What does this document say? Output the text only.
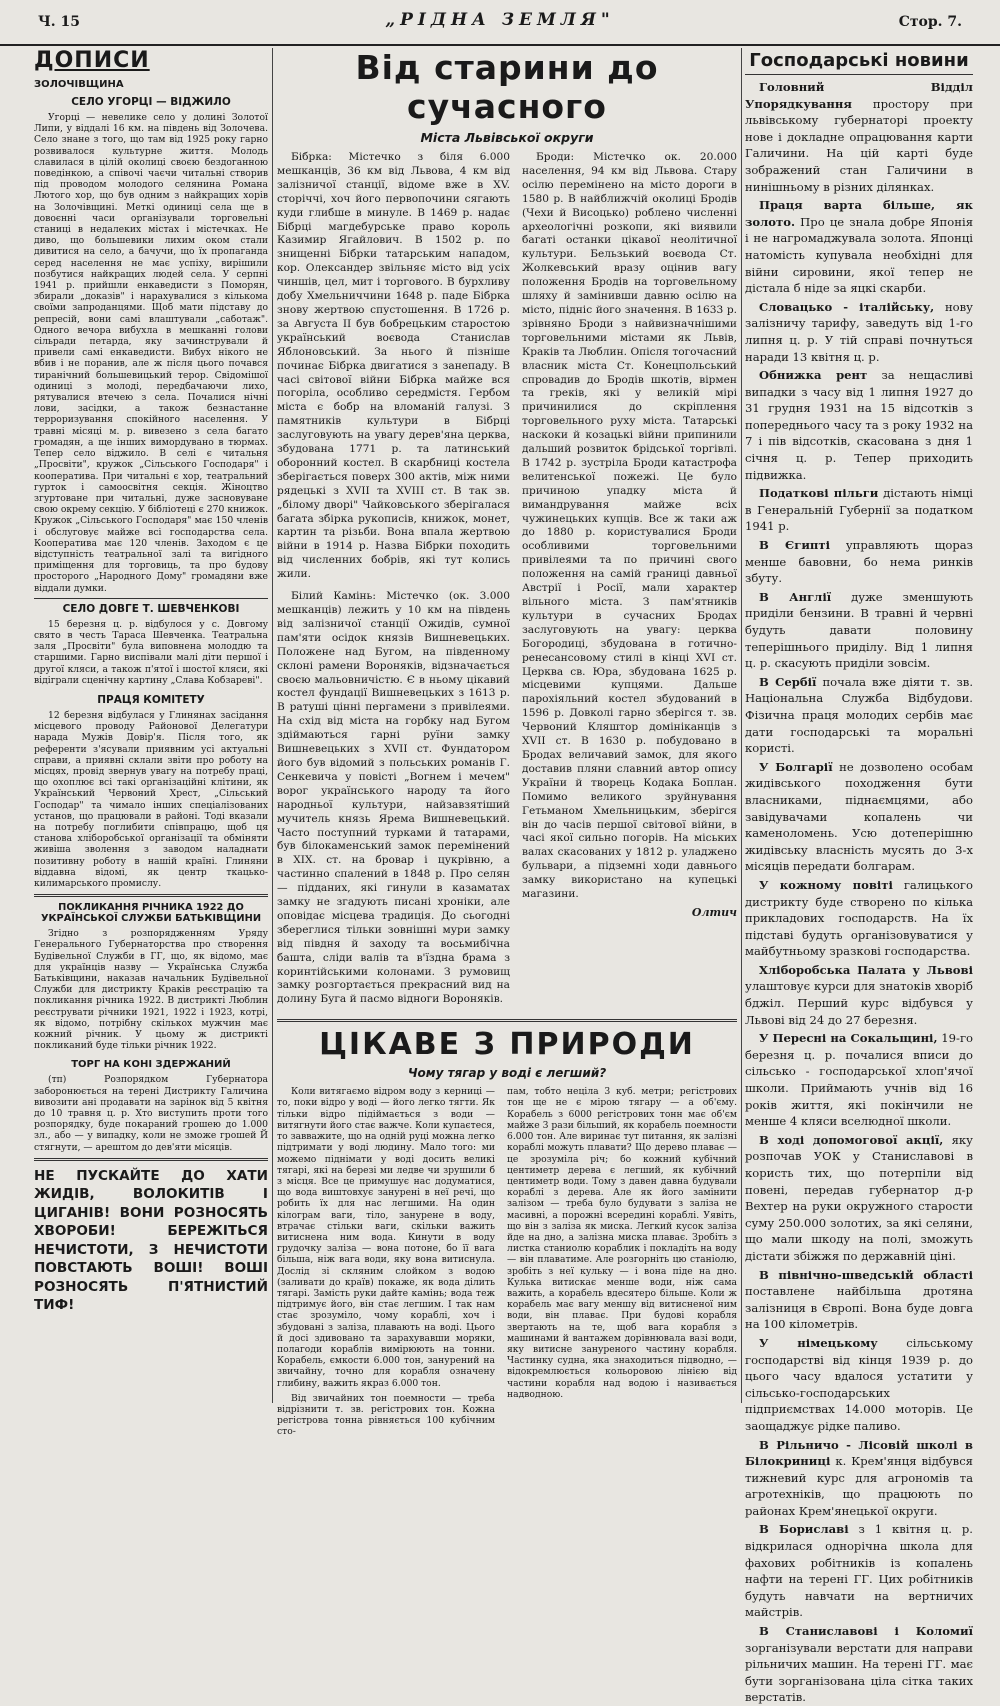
Ч. 15	„РІДНА ЗЕМЛЯ"	Стор. 7.
ДОПИСИ
ЗОЛОЧІВЩИНА
СЕЛО УГОРЦІ — ВІДЖИЛО

Угорці — невелике село у долині Золотої Липи, у віддалі 16 км. на південь від Золочева. Село знане з того, що там від 1925 року гарно розвивалося культурне життя. Молодь славилася в цілій околиці своєю бездоганною поведінкою, а співочі чаєчи читальні створив під проводом молодого селянина Романа Лютого хор, що був одним з найкращих хорів на Золочівщині. Меткі одиниці села ще в довоєнні часи організували торговельні станиці в недалеких містах і містечках. Не диво, що большевики лихим оком стали дивитися на село, а бачучи, що їх пропаганда серед населення не має успіху, вирішили позбутися найкращих людей села. У серпні 1941 р. прийшли енкаведисти з Поморян, збирали „доказів" і нарахувалися з кількома своїми запроданцями. Щоб мати підставу до репресій, вони самі влаштували „саботаж". Одного вечора вибухла в мешканні голови сільради петарда, яку зачинстрували й привели самі енкаведисти. Вибух нікого не вбив і не поранив, але ж після цього почався тиранічний большевицький терор. Свідомішої одиниці з молоді, передбачаючи лихо, рятувалися втечею з села. Почалися нічні лови, засідки, а також безнастанне терроризування спокійного населення. У травні місяці м. р. вивезено з села багато громадян, а ще інших вимордувано в тюрмах. Тепер село віджило. В селі є читальня „Просвіти", кружок „Сільського Господаря" і кооператива. При читальні є хор, театральний гурток і самоосвітня секція. Жіноцтво згуртоване при читальні, дуже засновуване свою окрему секцію. У бібліотеці є 270 книжок. Кружок „Сільського Господаря" має 150 членів і обслуговує майже всі господарства села. Кооператива має 120 членів. Заходом є це відступність театральної залі та вигідного приміщення для торговиць, та про будову просторого „Народного Дому" громадяни вже віддали думки.

СЕЛО ДОВГЕ Т. ШЕВЧЕНКОВІ

15 березня ц. р. відбулося у с. Довгому свято в честь Тараса Шевченка. Театральна заля „Просвіти" була виповнена молоддю та старшими. Гарно виспівали малі діти першої і другої кляси, а також п'ятої і шостої кляси, які відіграли сценічну картину „Слава Кобзареві".

ПРАЦЯ КОМІТЕТУ

12 березня відбулася у Глинянах засідання місцевого проводу Районової Делегатури нарада Мужів Довір'я. Після того, як референти з'ясували приявним усі актуальні справи, а приявні склали звіти про роботу на місцях, провід звернув увагу на потребу праці, що охоплює всі такі організаційні клітини, як Український Червоний Хрест, „Сільський Господар" та чимало інших спеціалізованих установ, що працювали в районі. Тоді вказали на потребу поглибити співпрацю, щоб ця станова хліборобської організації та обміняти живіша зволення з заводом наладнати позитивну роботу в нашій країні. Глиняни віддавна відомі, як центр ткацько-килимарського промислу.

ПОКЛИКАННЯ РІЧНИКА 1922 ДО УКРАЇНСЬКОЇ СЛУЖБИ БАТЬКІВЩИНИ

Згідно з розпорядженням Уряду Генерального Губернаторства про створення Будівельної Служби в ГГ, що, як відомо, має для українців назву — Українська Служба Батьківщини, наказав начальник Будівельної Служби для дистрикту Краків реєстрацію та покликання річника 1922. В дистрикті Люблин реєструвати річники 1921, 1922 і 1923, котрі, як відомо, потрібну скількох мужчин має кожний річник. У цьому ж дистрикті покликаний буде тільки річник 1922.

ТОРГ НА КОНІ ЗДЕРЖАНИЙ

(тп) Розпорядком Губернатора заборонюється на терені Дистрикту Галичина вивозити ані продавати на зарінок від 5 квітня до 10 травня ц. р. Хто виступить проти того розпорядку, буде покараний грошею до 1.000 зл., або — у випадку, коли не зможе грошей Й стягнути, — арештом до дев'яти місяців.

НЕ ПУСКАЙТЕ ДО ХАТИ ЖИДІВ, ВОЛОКИТІВ І ЦИГАНІВ! ВОНИ РОЗНОСЯТЬ ХВОРОБИ! БЕРЕЖІТЬСЯ НЕЧИСТОТИ, З НЕЧИСТОТИ ПОВСТАЮТЬ ВОШІ! ВОШІ РОЗНОСЯТЬ П'ЯТНИСТИЙ ТИФ!
Від старини до сучасного
Міста Львівської округи

Бібрка: Містечко з біля 6.000 мешканців, 36 км від Львова, 4 км від залізничої станції, відоме вже в XV. сторіччі, хоч його первопочини сягають куди глибше в минуле. В 1469 р. надає Бібрці магдебурське право король Казимир Ягайлович. В 1502 р. по знищенні Бібрки татарським нападом, кор. Олександер звільняє місто від усіх чиншів, цел, мит і торгового. В бурхливу добу Хмельниччини 1648 р. паде Бібрка знову жертвою спустошення. В 1726 р. за Августа II був бобрецьким старостою український воєвода Станислав Яблоновський. За нього й пізніше починає Бібрка двигатися з занепаду. В часі світової війни Бібрка майже вся погоріла, особливо середмістя. Гербом міста є бобр на вломаній галузі. З памятників культури в Бібрці заслуговують на увагу дерев'яна церква, збудована 1771 р. та латинський оборонний костел. В скарбниці костела зберігається поверх 300 актів, між ними рядецькі з XVII та XVIII ст. В так зв. „білому дворі" Чайковського зберігалася багата збірка рукописів, книжок, монет, картин та різьби. Вона впала жертвою війни в 1914 р. Назва Бібрки походить від численних бобрів, які тут колись жили.

Білий Камінь: Містечко (ок. 3.000 мешканців) лежить у 10 км на південь від залізничої станції Ожидів, сумної пам'яти осідок князів Вишневецьких. Положене над Бугом, на південному склоні рамени Вороняків, відзначається своєю мальовничістю. Є в ньому цікавий костел фундації Вишневецьких з 1613 р. В ратуші цінні пергамени з привілеями. На схід від міста на горбку над Бугом здіймаються гарні руїни замку Вишневецьких з XVII ст. Фундатором його був відомий з польських романів Г. Сенкевича у повісті „Вогнем і мечем" ворог українського народу та його народньої культури, найзавзятіший мучитель князь Ярема Вишневецький. Часто поступний турками й татарами, був білокаменський замок перемінений в XIX. ст. на бровар і цукрівню, а частинно спалений в 1848 р. Про селян — підданих, які гинули в казаматах замку не згадують писані хроніки, але оповідає місцева традиція. До сьогодні збереглися тільки зовнішні мури замку від півдня й заходу та восьмибічна башта, сліди валів та в'їздна брама з коринтійськими колонами. З румовищ замку розгортається прекрасний вид на долину Буга й пасмо відноги Вороняків.

Броди: Містечко ок. 20.000 населення, 94 км від Львова. Стару осілю перемінено на місто дороги в 1580 р. В найближчій околиці Бродів (Чехи й Висоцько) роблено численні археологічні розкопи, які виявили багаті останки цікавої неолітичної культури. Бельзький воєвода Ст. Жолкевський вразу оцінив вагу положення Бродів на торговельному шляху й замінивши давню осілю на місто, підніс його значення. В 1633 р. зрівняно Броди з найвизначнішими торговельними містами як Львів, Краків та Люблин. Опісля тогочасний власник міста Ст. Конецпольський спровадив до Бродів шкотів, вірмен та греків, які у великій мірі причинилися до скріплення торговельного руху міста. Татарські наскоки й козацькі війни припинили дальший розвиток брідської торгівлі. В 1742 р. зустріла Броди катастрофа велитенської пожежі. Це було причиною упадку міста й вимандрування майже всіх чужинецьких купців. Все ж таки аж до 1880 р. користувалися Броди особливими торговельними привілеями та по причині свого положення на самій границі давньої Австрії і Росії, мали характер вільного міста. З пам'ятників культури в сучасних Бродах заслуговують на увагу: церква Богородиці, збудована в готично-ренесансовому стилі в кінці XVI ст. Церква св. Юра, збудована 1625 р. місцевими купцями. Дальше парохіяльний костел збудований в 1596 р. Довколі гарно зберігся т. зв. Червоний Кляштор домініканців з XVII ст. В 1630 р. побудовано в Бродах величавий замок, для якого доставив пляни славний автор опису України й творець Кодака Боплан. Помимо великого зруйнування Гетьманом Хмельницьким, зберігся він до часів першої світової війни, в часі якої сильно погорів. На міських валах скасованих у 1812 р. уладжено бульвари, а підземні ходи давнього замку використано на купецькі магазини.

Олтич
ЦІКАВЕ З ПРИРОДИ
Чому тягар у воді є легший?

Коли витягаємо відром воду з керниці — то, поки відро у воді — його легко тягти. Як тільки відро підіймається з води — витягнути його стає важче. Коли купаєтеся, то завважите, що на одній руці можна легко підтримати у воді людину. Мало того: ми можемо піднімати у воді досить великі тягарі, які на березі ми ледве чи зрушили б з місця. Все це примушує нас додуматися, що вода виштовхує занурені в неї речі, що робить їх для нас легшими. На один кілограм ваги, тіло, занурене в воду, втрачає стільки ваги, скільки важить витиснена ним вода. Кинути в воду грудочку заліза — вона потоне, бо її вага більша, ніж вага води, яку вона витиснула. Дослід зі скляним слойком з водою (заливати до країв) покаже, як вода ділить тягарі. Замість руки дайте камінь; вода теж підтримує його, він стає легшим. І так нам стає зрозуміло, чому кораблі, хоч і збудовані з заліза, плавають на воді. Цього й досі здивовано та зарахувавши моряки, полагоди кораблів вимірюють на тонни. Корабель, ємкости 6.000 тон, занурений на звичайну, точно для корабля означену глибину, важить якраз 6.000 тон.

Від звичайних тон поемности — треба відрізнити т. зв. регістрових тон. Кожна регістрова тонна рівняється 100 кубічним сто-

пам, тобто неціла 3 куб. метри; регістрових тон ще не є мірою тягару — а об'єму. Корабель з 6000 регістрових тонн має об'єм майже 3 рази більший, як корабель поемности 6.000 тон. Але виринає тут питання, як залізні кораблі можуть плавати? Що дерево плаває — це зрозуміла річ; бо кожний кубічний центиметр дерева є легший, як кубічний центиметр води. Тому з давен давна будували кораблі з дерева. Але як його замінити залізом — треба було будувати з заліза не масивні, а порожні всередині кораблі. Уявіть, що він з заліза як миска. Легкий кусок заліза йде на дно, а залізна миска плаває. Зробіть з листка станиолю кораблик і покладіть на воду — він плаватиме. Але розгорніть цю станіолю, зробіть з неї кульку — і вона піде на дно. Кулька витискає менше води, ніж сама важить, а корабель вдесятеро більше. Коли ж корабель має вагу меншу від витисненої ним води, він плаває. При будові корабля звертають на те, щоб вага корабля з машинами й вантажем дорівнювала вазі води, яку витисне зануреного частину корабля. Частинку судна, яка знаходиться підводно, — відокремлюється кольоровою лінією від частини корабля над водою і називається надводною.

Господарські новини

Головний Відділ Упорядкування простору при львівському губернаторі проекту нове і докладне опрацювання карти Галичини. На цій карті буде зображений стан Галичини в нинішньому в різних ділянках.

Праця варта більше, як золото. Про це знала добре Японія і не нагромаджувала золота. Японці натомість купувала необхідні для війни сировини, якої тепер не дістала б ніде за яцкі скарби.

Словацько - італійську, нову залізничу тарифу, заведуть від 1-го липня ц. р. У тій справі почнуться наради 13 квітня ц. р.

Обнижка рент за нещасливі випадки з часу від 1 липня 1927 до 31 грудня 1931 на 15 відсотків з попереднього часу та з року 1932 на 7 і пів відсотків, скасована з дня 1 січня ц. р. Тепер приходить підвижка.

Податкові пільги дістають німці в Генеральній Губернії за податком 1941 р.

В Єгипті управляють щораз менше бавовни, бо нема ринків збуту.

В Англії дуже зменшують приділи бензини. В травні й червні будуть давати половину теперішнього приділу. Від 1 липня ц. р. скасують приділи зовсім.

В Сербії почала вже діяти т. зв. Національна Служба Відбудови. Фізична праця молодих сербів має дати господарські та моральні користі.

У Болгарії не дозволено особам жидівського походження бути власниками, піднаємцями, або завідувачами копалень чи каменоломень. Усю дотеперішню жидівську власність мусять до 3-х місяців передати болгарам.

У кожному повіті галицького дистрикту буде створено по кілька прикладових господарств. На їх підставі будуть організовуватися у майбутньому зразкові господарства.

Хліборобська Палата у Львові улаштовує курси для знатоків хворіб бджіл. Перший курс відбувся у Львові від 24 до 27 березня.

У Пересні на Сокальщині, 19-го березня ц. р. почалися вписи до сільсько - господарської хлоп'ячої школи. Приймають учнів від 16 років життя, які покінчили не менше 4 кляси вселюдної школи.

В ході допомогової акції, яку розпочав УОК у Станиславові в користь тих, що потерпіли від повені, передав губернатор д-р Вехтер на руки окружного старости суму 250.000 золотих, за які селяни, що мали шкоду на полі, зможуть дістати збіжжя по державній ціні.

В північно-шведській області поставлене найбільша дротяна залізниця в Європі. Вона буде довга на 100 кілометрів.

У німецькому сільському господарстві від кінця 1939 р. до цього часу вдалося устатити у сільсько-господарських підприємствах 14.000 моторів. Це заощаджує рідке паливо.

В Рільничо - Лісовій школі в Білокриниці к. Крем'янця відбувся тижневий курс для агрономів та агротехніків, що працюють по районах Крем'янецької округи.

В Бориславі з 1 квітня ц. р. відкрилася однорічна школа для фахових робітників із копалень нафти на терені ГГ. Цих робітників будуть навчати на вертничих майстрів.

В Станиславові і Коломиї зорганізували верстати для направи рільничих машин. На терені ГГ. має бути зорганізована ціла сітка таких верстатів.
